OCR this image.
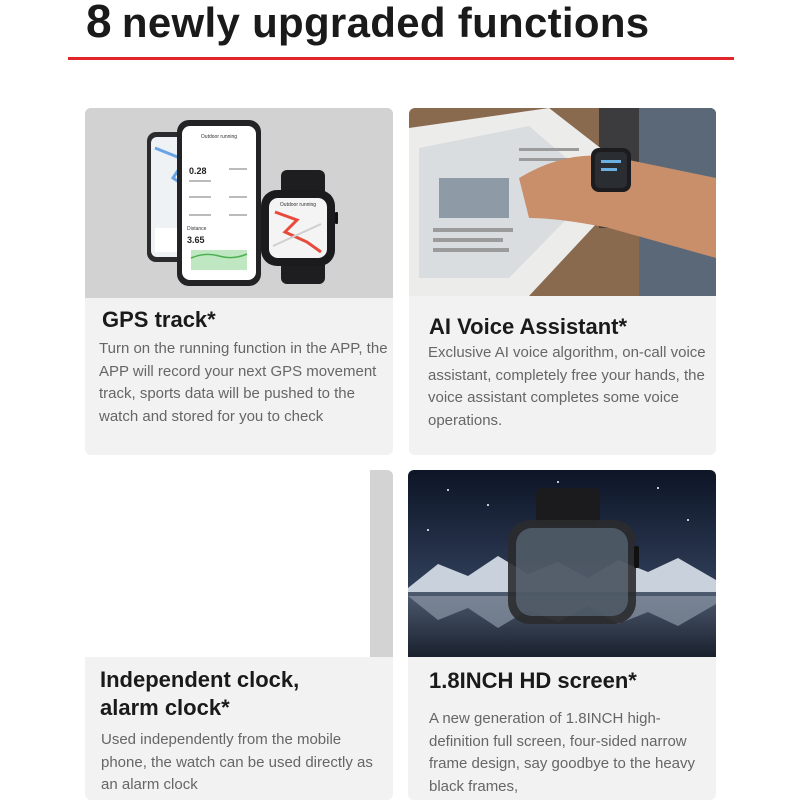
8 newly upgraded functions
Outdoor running
0.28
Distance
3.65
Outdoor running
GPS track*
Turn on the running function in the APP, the APP will record your next GPS movement track, sports data will be pushed to the watch and stored for you to check
AI Voice Assistant*
Exclusive AI voice algorithm, on-call voice assistant, completely free your hands, the voice assistant completes some voice operations.
Independent clock,
alarm clock*
Used independently from the mobile phone, the watch can be used directly as an alarm clock
1.8INCH HD screen*
A new generation of 1.8INCH high-definition full screen, four-sided narrow frame design, say goodbye to the heavy black frames,
